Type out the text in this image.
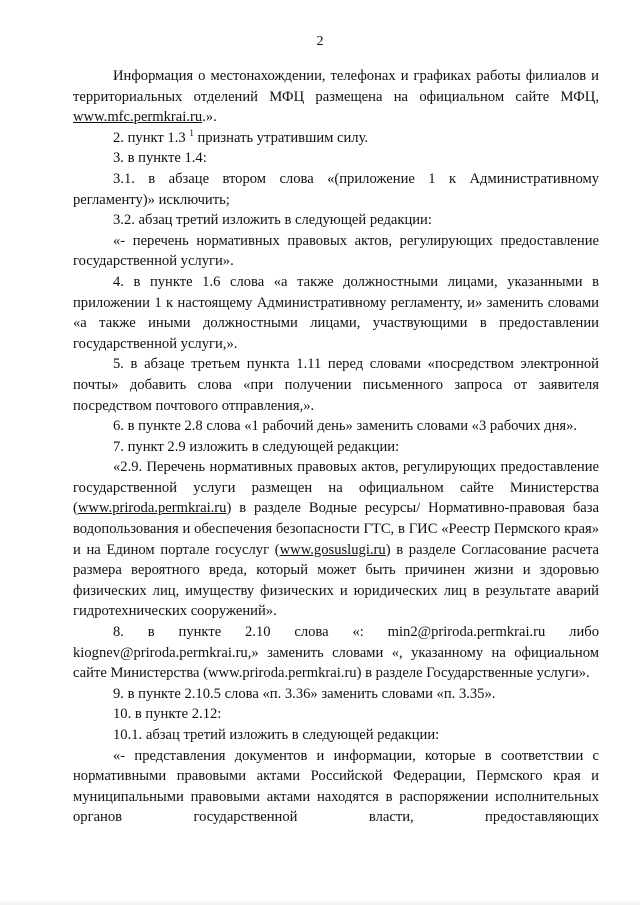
2

Информация о местонахождении, телефонах и графиках работы филиалов и территориальных отделений МФЦ размещена на официальном сайте МФЦ, www.mfc.permkrai.ru.».

2. пункт 1.3 $^1$ признать утратившим силу.

3. в пункте 1.4:

3.1. в абзаце втором слова «(приложение 1 к Административному регламенту)» исключить;

3.2. абзац третий изложить в следующей редакции:

«- перечень нормативных правовых актов, регулирующих предоставление государственной услуги».

4. в пункте 1.6 слова «а также должностными лицами, указанными в приложении 1 к настоящему Административному регламенту, и» заменить словами «а также иными должностными лицами, участвующими в предоставлении государственной услуги,».

5. в абзаце третьем пункта 1.11 перед словами «посредством электронной почты» добавить слова «при получении письменного запроса от заявителя посредством почтового отправления,».

6. в пункте 2.8 слова «1 рабочий день» заменить словами «3 рабочих дня».

7. пункт 2.9 изложить в следующей редакции:

«2.9. Перечень нормативных правовых актов, регулирующих предоставление государственной услуги размещен на официальном сайте Министерства (www.priroda.permkrai.ru) в разделе Водные ресурсы/ Нормативно-правовая база водопользования и обеспечения безопасности ГТС, в ГИС «Реестр Пермского края» и на Едином портале госуслуг (www.gosuslugi.ru) в разделе Согласование расчета размера вероятного вреда, который может быть причинен жизни и здоровью физических лиц, имуществу физических и юридических лиц в результате аварий гидротехнических сооружений».

8. в пункте 2.10 слова «: min2@priroda.permkrai.ru либо kiognev@priroda.permkrai.ru,» заменить словами «, указанному на официальном сайте Министерства (www.priroda.permkrai.ru) в разделе Государственные услуги».

9. в пункте 2.10.5 слова «п. 3.36» заменить словами «п. 3.35».

10. в пункте 2.12:

10.1. абзац третий изложить в следующей редакции:

«- представления документов и информации, которые в соответствии с нормативными правовыми актами Российской Федерации, Пермского края и муниципальными правовыми актами находятся в распоряжении исполнительных органов государственной власти, предоставляющих
